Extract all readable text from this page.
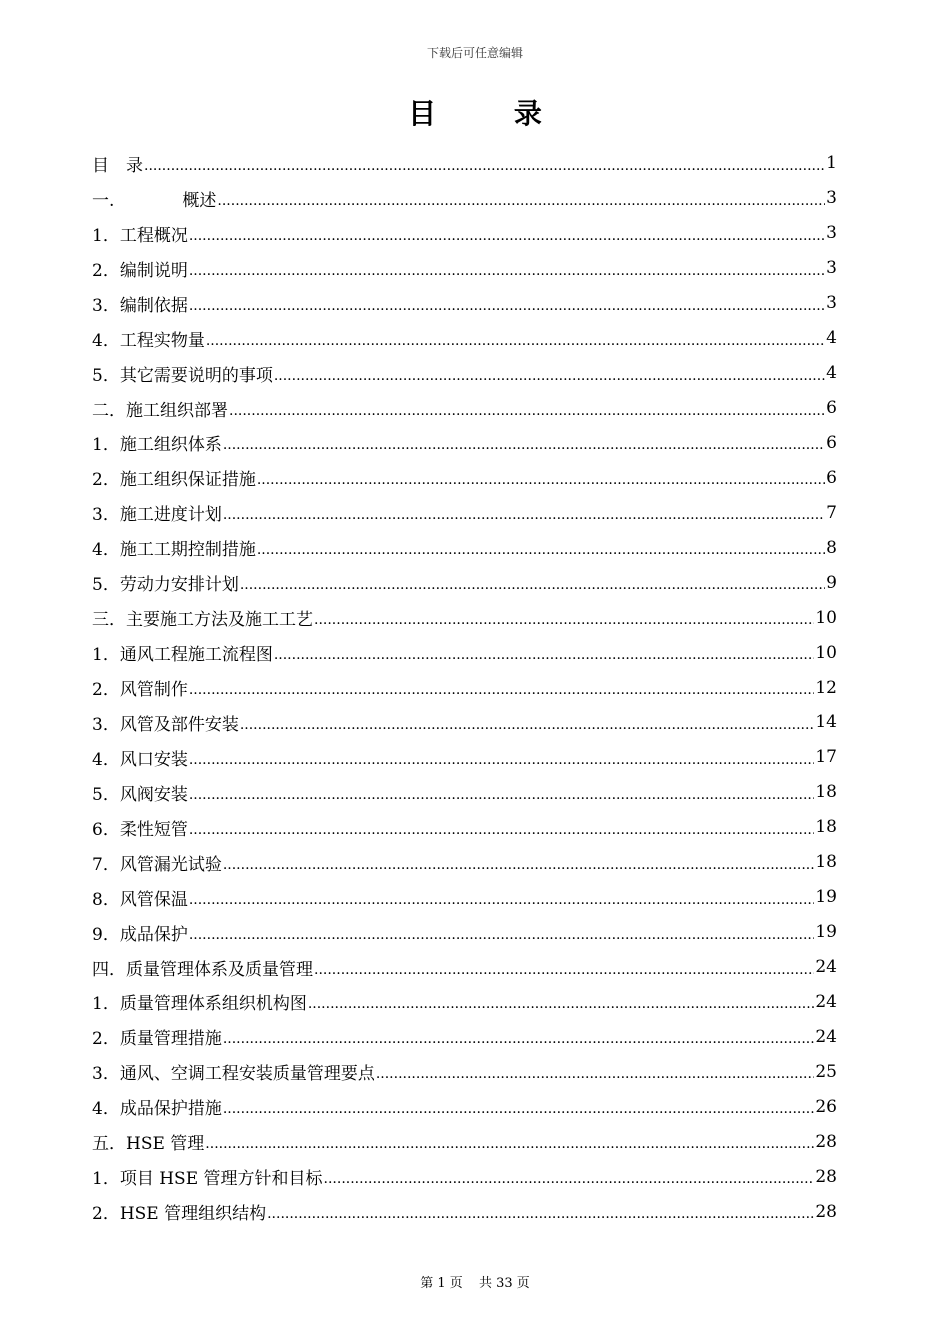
下载后可任意编辑
目 录
目　录 .....	1
一.　　　　概述 .....	3
1．工程概况 .....	3
2．编制说明 .....	3
3．编制依据 .....	3
4．工程实物量 .....	4
5．其它需要说明的事项 .....	4
二．施工组织部署 .....	6
1．施工组织体系 .....	6
2．施工组织保证措施 .....	6
3．施工进度计划 .....	7
4．施工工期控制措施 .....	8
5．劳动力安排计划 .....	9
三．主要施工方法及施工工艺 .....	10
1．通风工程施工流程图 .....	10
2．风管制作 .....	12
3．风管及部件安装 .....	14
4．风口安装 .....	17
5．风阀安装 .....	18
6．柔性短管 .....	18
7．风管漏光试验 .....	18
8．风管保温 .....	19
9．成品保护 .....	19
四．质量管理体系及质量管理 .....	24
1．质量管理体系组织机构图 .....	24
2．质量管理措施 .....	24
3．通风、空调工程安装质量管理要点 .....	25
4．成品保护措施 .....	26
五．HSE 管理 .....	28
1．项目 HSE 管理方针和目标 .....	28
2．HSE 管理组织结构 .....	28
第 1 页 共 33 页
